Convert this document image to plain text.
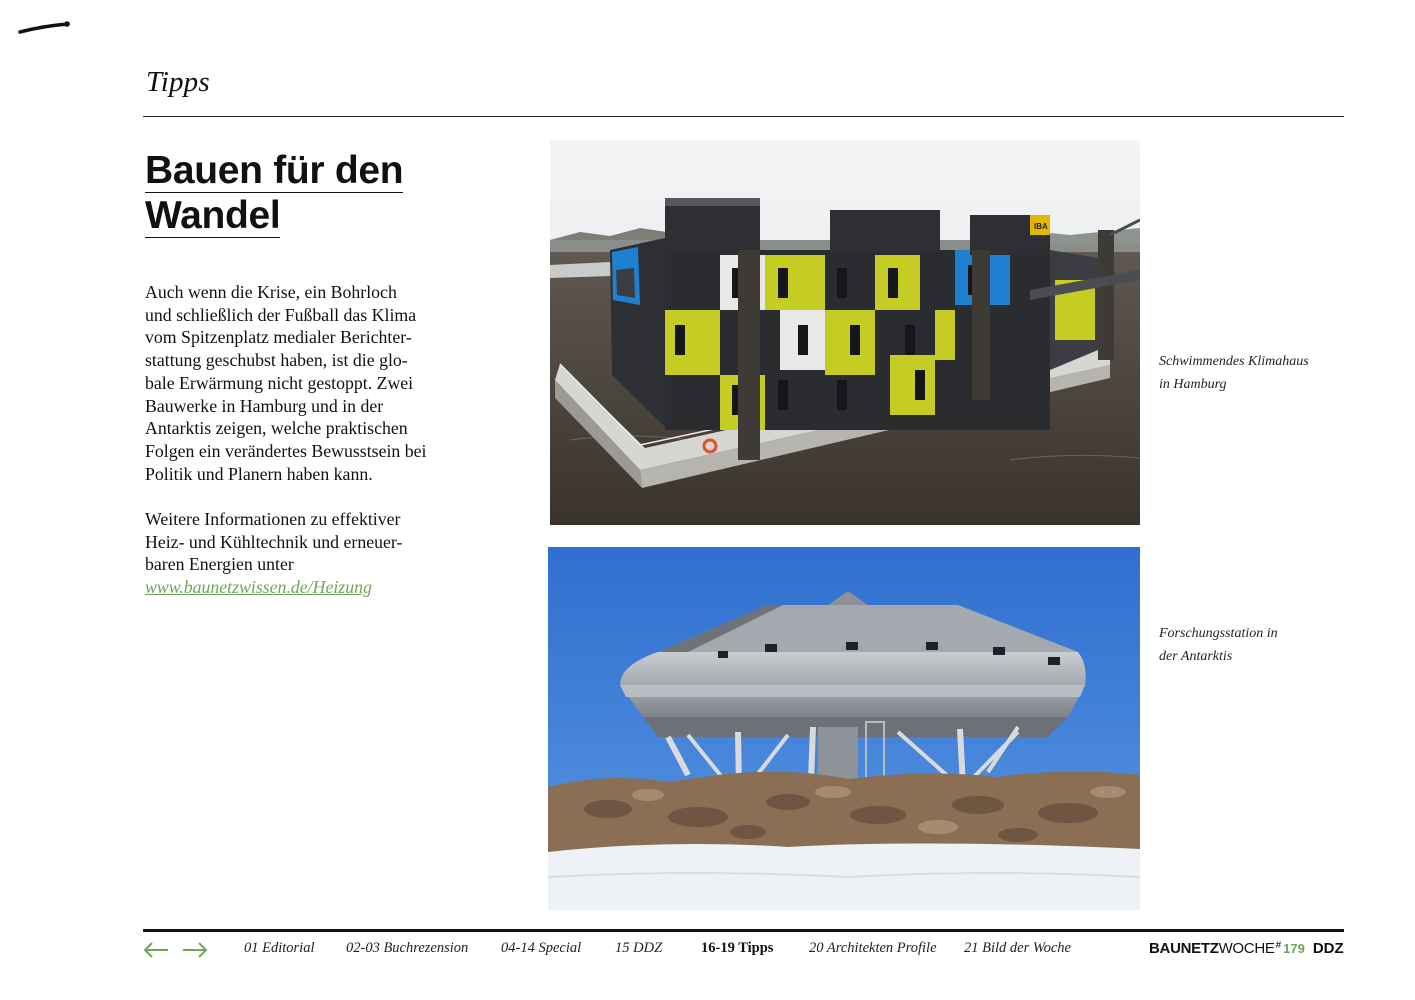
Tipps
Bauen für den
Wandel

Auch wenn die Krise, ein Bohrloch
und schließlich der Fußball das Klima
vom Spitzenplatz medialer Berichter-
stattung geschubst haben, ist die glo-
bale Erwärmung nicht gestoppt. Zwei
Bauwerke in Hamburg und in der
Antarktis zeigen, welche praktischen
Folgen ein verändertes Bewusstsein bei
Politik und Planern haben kann.

Weitere Informationen zu effektiver
Heiz- und Kühltechnik und erneuer-
baren Energien unter
www.baunetzwissen.de/Heizung

IBA
Schwimmendes Klimahaus
in Hamburg
Forschungsstation in
der Antarktis
01 Editorial 02-03 Buchrezension 04-14 Special 15 DDZ	16-19 Tipps 20 Architekten Profile 21 Bild der Woche	BAUNETZWOCHE# 179 DDZ
